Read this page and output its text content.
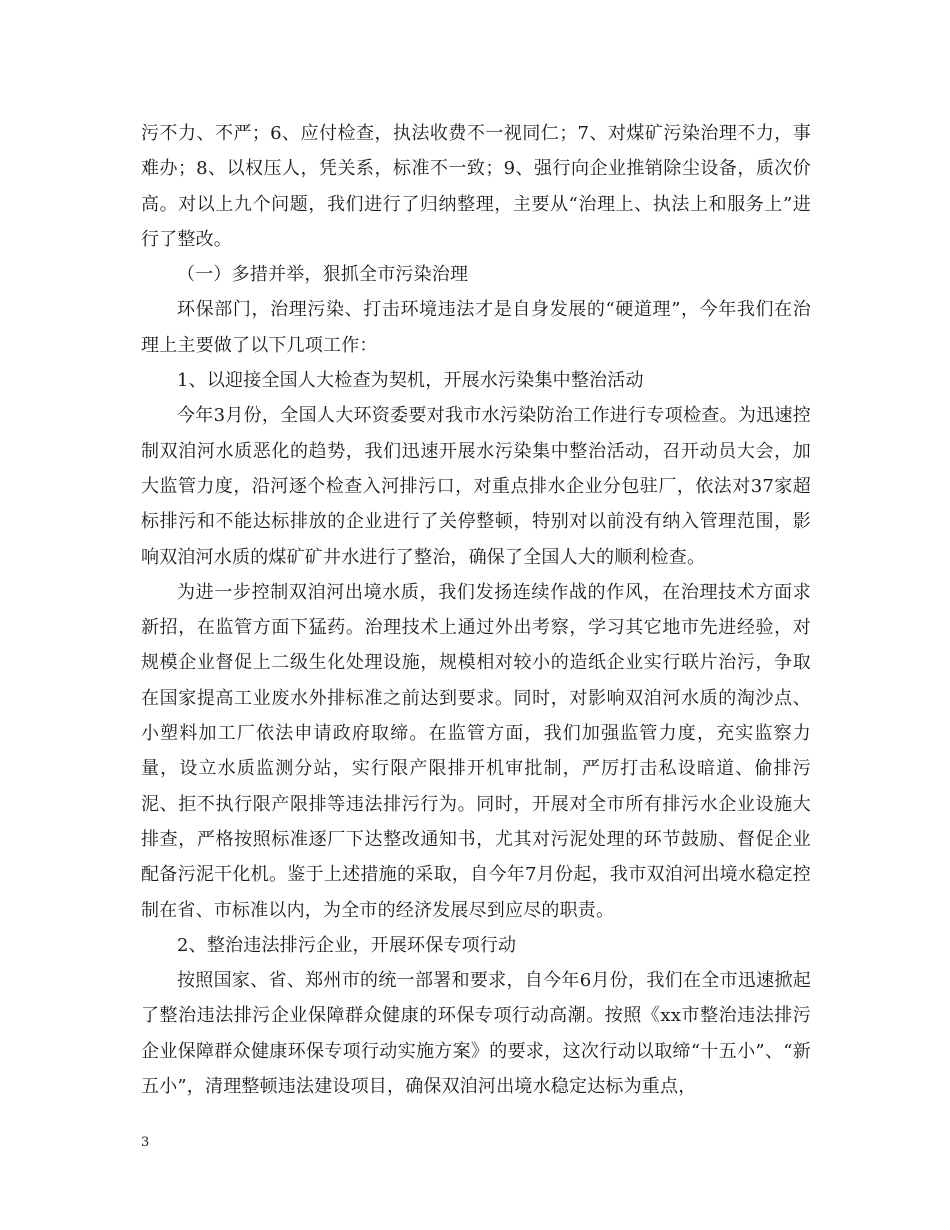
污不力、不严；6、应付检查，执法收费不一视同仁；7、对煤矿污染治理不力，事难办；8、以权压人，凭关系，标准不一致；9、强行向企业推销除尘设备，质次价高。对以上九个问题，我们进行了归纳整理，主要从“治理上、执法上和服务上”进行了整改。

（一）多措并举，狠抓全市污染治理

环保部门，治理污染、打击环境违法才是自身发展的“硬道理”，今年我们在治理上主要做了以下几项工作：

1、以迎接全国人大检查为契机，开展水污染集中整治活动

今年3月份，全国人大环资委要对我市水污染防治工作进行专项检查。为迅速控制双洎河水质恶化的趋势，我们迅速开展水污染集中整治活动，召开动员大会，加大监管力度，沿河逐个检查入河排污口，对重点排水企业分包驻厂，依法对37家超标排污和不能达标排放的企业进行了关停整顿，特别对以前没有纳入管理范围，影响双洎河水质的煤矿矿井水进行了整治，确保了全国人大的顺利检查。

为进一步控制双洎河出境水质，我们发扬连续作战的作风，在治理技术方面求新招，在监管方面下猛药。治理技术上通过外出考察，学习其它地市先进经验，对规模企业督促上二级生化处理设施，规模相对较小的造纸企业实行联片治污，争取在国家提高工业废水外排标准之前达到要求。同时，对影响双洎河水质的淘沙点、小塑料加工厂依法申请政府取缔。在监管方面，我们加强监管力度，充实监察力量，设立水质监测分站，实行限产限排开机审批制，严厉打击私设暗道、偷排污泥、拒不执行限产限排等违法排污行为。同时，开展对全市所有排污水企业设施大排查，严格按照标准逐厂下达整改通知书，尤其对污泥处理的环节鼓励、督促企业配备污泥干化机。鉴于上述措施的采取，自今年7月份起，我市双洎河出境水稳定控制在省、市标准以内，为全市的经济发展尽到应尽的职责。

2、整治违法排污企业，开展环保专项行动

按照国家、省、郑州市的统一部署和要求，自今年6月份，我们在全市迅速掀起了整治违法排污企业保障群众健康的环保专项行动高潮。按照《xx市整治违法排污企业保障群众健康环保专项行动实施方案》的要求，这次行动以取缔“十五小”、“新五小”，清理整顿违法建设项目，确保双洎河出境水稳定达标为重点，

3
